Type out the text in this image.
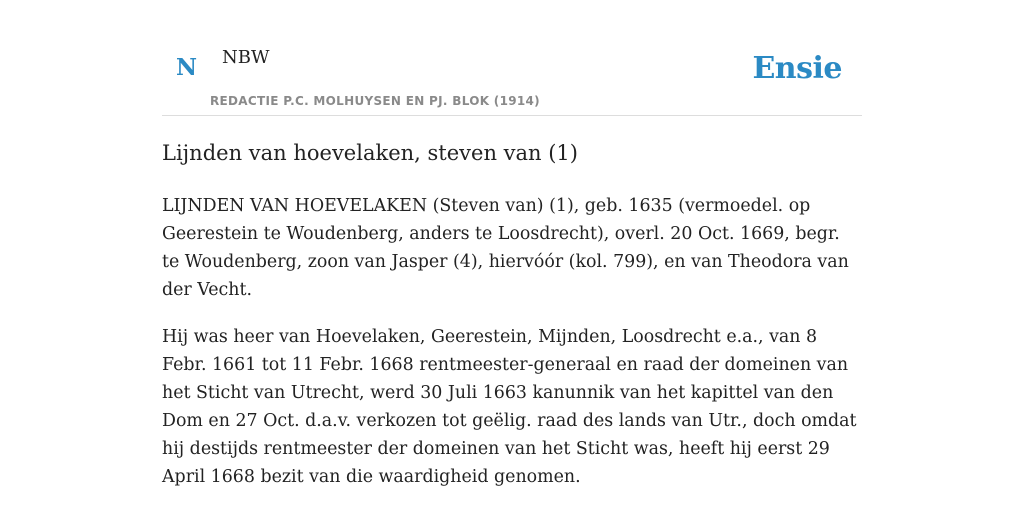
N NBW	Ensie
REDACTIE P.C. MOLHUYSEN EN PJ. BLOK (1914)
Lijnden van hoevelaken, steven van (1)

LIJNDEN VAN HOEVELAKEN (Steven van) (1), geb. 1635 (vermoedel. op Geerestein te Woudenberg, anders te Loosdrecht), overl. 20 Oct. 1669, begr. te Woudenberg, zoon van Jasper (4), hiervóór (kol. 799), en van Theodora van der Vecht.

Hij was heer van Hoevelaken, Geerestein, Mijnden, Loosdrecht e.a., van 8 Febr. 1661 tot 11 Febr. 1668 rentmeester-generaal en raad der domeinen van het Sticht van Utrecht, werd 30 Juli 1663 kanunnik van het kapittel van den Dom en 27 Oct. d.a.v. verkozen tot geëlig. raad des lands van Utr., doch omdat hij destijds rentmeester der domeinen van het Sticht was, heeft hij eerst 29 April 1668 bezit van die waardigheid genomen.
